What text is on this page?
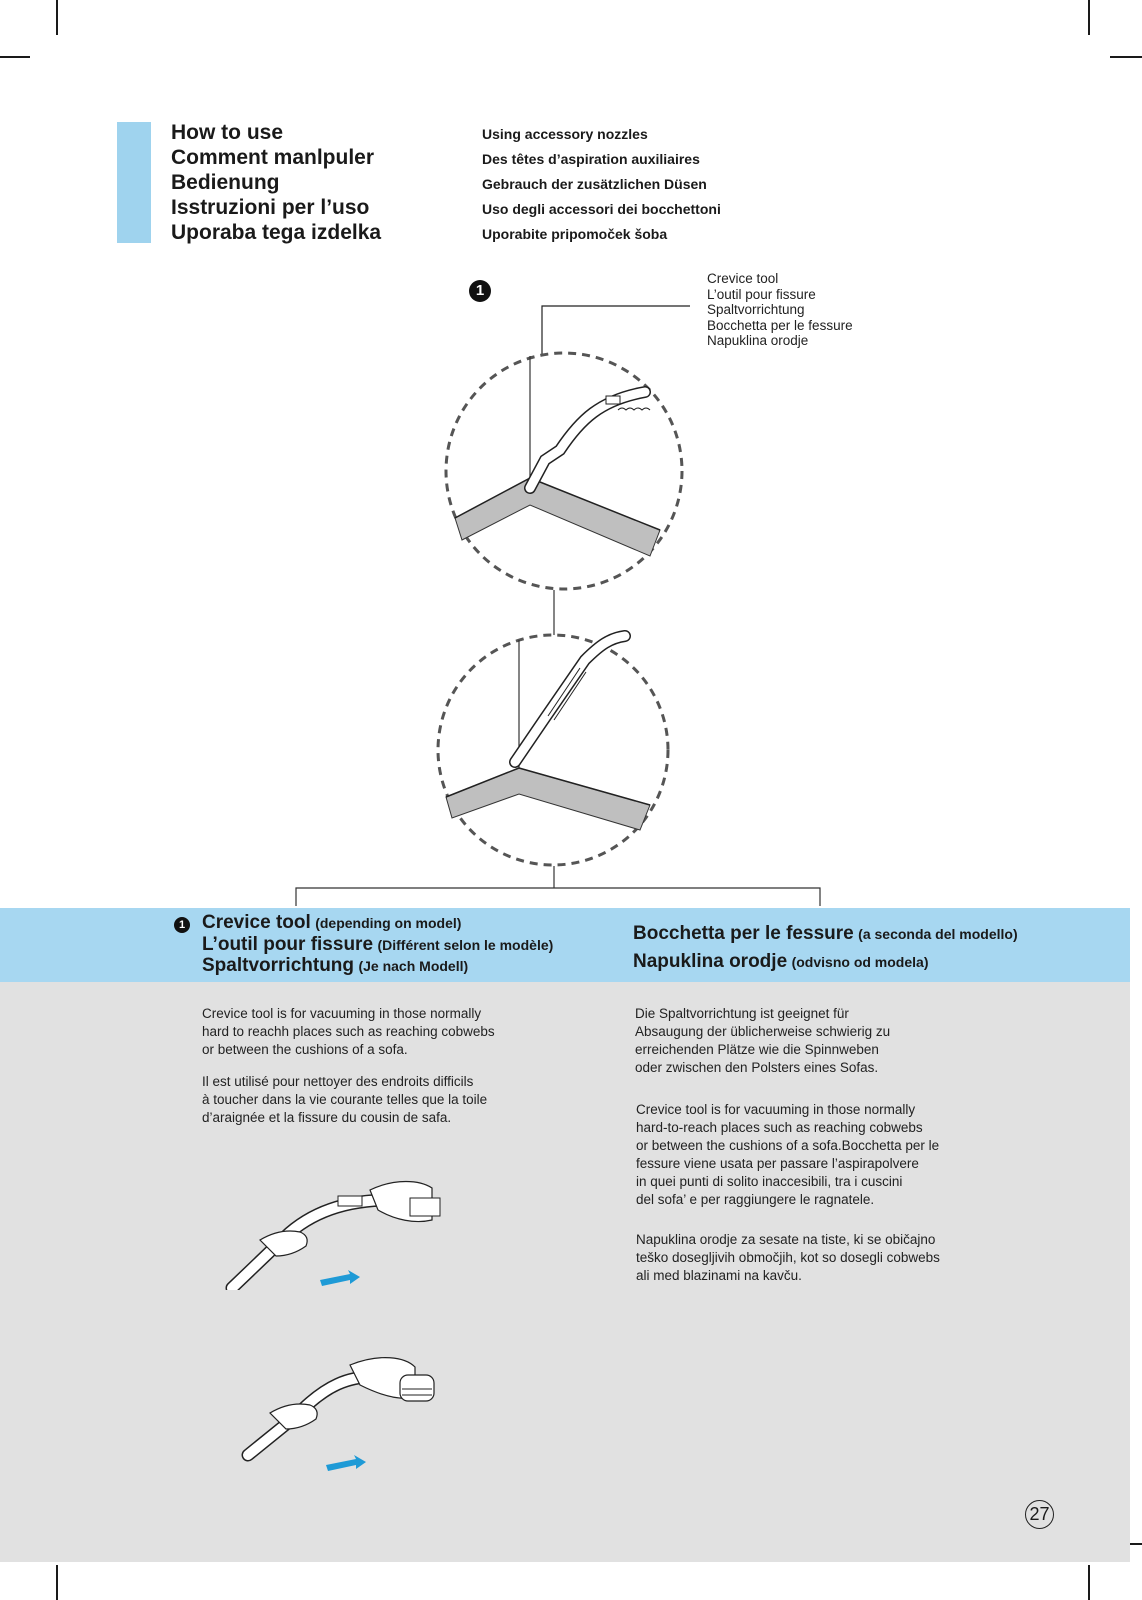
How to use
Comment manlpuler
Bedienung
Isstruzioni per l’uso
Uporaba tega izdelka
Using accessory nozzles
Des têtes d’aspiration auxiliaires
Gebrauch der zusätzlichen Düsen
Uso degli accessori dei bocchettoni
Uporabite pripomoček šoba
1
Crevice tool
L’outil pour fissure
Spaltvorrichtung
Bocchetta per le fessure
Napuklina orodje
1 Crevice tool (depending on model)
L’outil pour fissure (Différent selon le modèle)
Spaltvorrichtung (Je nach Modell)
Bocchetta per le fessure (a seconda del modello)
Napuklina orodje (odvisno od modela)
Crevice tool is for vacuuming in those normally
hard to reachh places such as reaching cobwebs
or between the cushions of a sofa.
Il est utilisé pour nettoyer des endroits difficils
à toucher dans la vie courante telles que la toile
d’araignée et la fissure du cousin de safa.
Die Spaltvorrichtung ist geeignet für
Absaugung der üblicherweise schwierig zu
erreichenden Plätze wie die Spinnweben
oder zwischen den Polsters eines Sofas.
Crevice tool is for vacuuming in those normally
hard-to-reach places such as reaching cobwebs
or between the cushions of a sofa.Bocchetta per le
fessure viene usata per passare l’aspirapolvere
in quei punti di solito inaccesibili, tra i cuscini
del sofa’ e per raggiungere le ragnatele.
Napuklina orodje za sesate na tiste, ki se običajno
teško dosegljivih območjih, kot so dosegli cobwebs
ali med blazinami na kavču.
27
